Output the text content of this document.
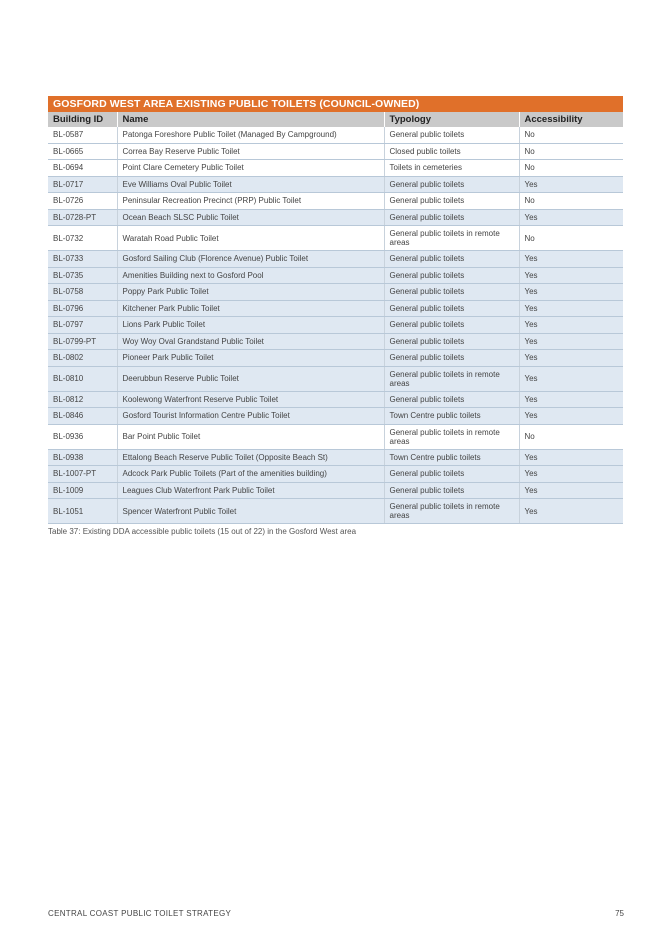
GOSFORD WEST AREA EXISTING PUBLIC TOILETS (COUNCIL-OWNED)
Building ID	Name	Typology	Accessibility
BL-0587	Patonga Foreshore Public Toilet (Managed By Campground)	General public toilets	No
BL-0665	Correa Bay Reserve Public Toilet	Closed public toilets	No
BL-0694	Point Clare Cemetery Public Toilet	Toilets in cemeteries	No
BL-0717	Eve Williams Oval Public Toilet	General public toilets	Yes
BL-0726	Peninsular Recreation Precinct (PRP) Public Toilet	General public toilets	No
BL-0728-PT	Ocean Beach SLSC Public Toilet	General public toilets	Yes
BL-0732	Waratah Road Public Toilet	General public toilets in remote areas	No
BL-0733	Gosford Sailing Club (Florence Avenue) Public Toilet	General public toilets	Yes
BL-0735	Amenities Building next to Gosford Pool	General public toilets	Yes
BL-0758	Poppy Park Public Toilet	General public toilets	Yes
BL-0796	Kitchener Park Public Toilet	General public toilets	Yes
BL-0797	Lions Park Public Toilet	General public toilets	Yes
BL-0799-PT	Woy Woy Oval Grandstand Public Toilet	General public toilets	Yes
BL-0802	Pioneer Park Public Toilet	General public toilets	Yes
BL-0810	Deerubbun Reserve Public Toilet	General public toilets in remote areas	Yes
BL-0812	Koolewong Waterfront Reserve Public Toilet	General public toilets	Yes
BL-0846	Gosford Tourist Information Centre Public Toilet	Town Centre public toilets	Yes
BL-0936	Bar Point Public Toilet	General public toilets in remote areas	No
BL-0938	Ettalong Beach Reserve Public Toilet (Opposite Beach St)	Town Centre public toilets	Yes
BL-1007-PT	Adcock Park Public Toilets (Part of the amenities building)	General public toilets	Yes
BL-1009	Leagues Club Waterfront Park Public Toilet	General public toilets	Yes
BL-1051	Spencer Waterfront Public Toilet	General public toilets in remote areas	Yes
Table 37: Existing DDA accessible public toilets (15 out of 22) in the Gosford West area
CENTRAL COAST PUBLIC TOILET STRATEGY	75
